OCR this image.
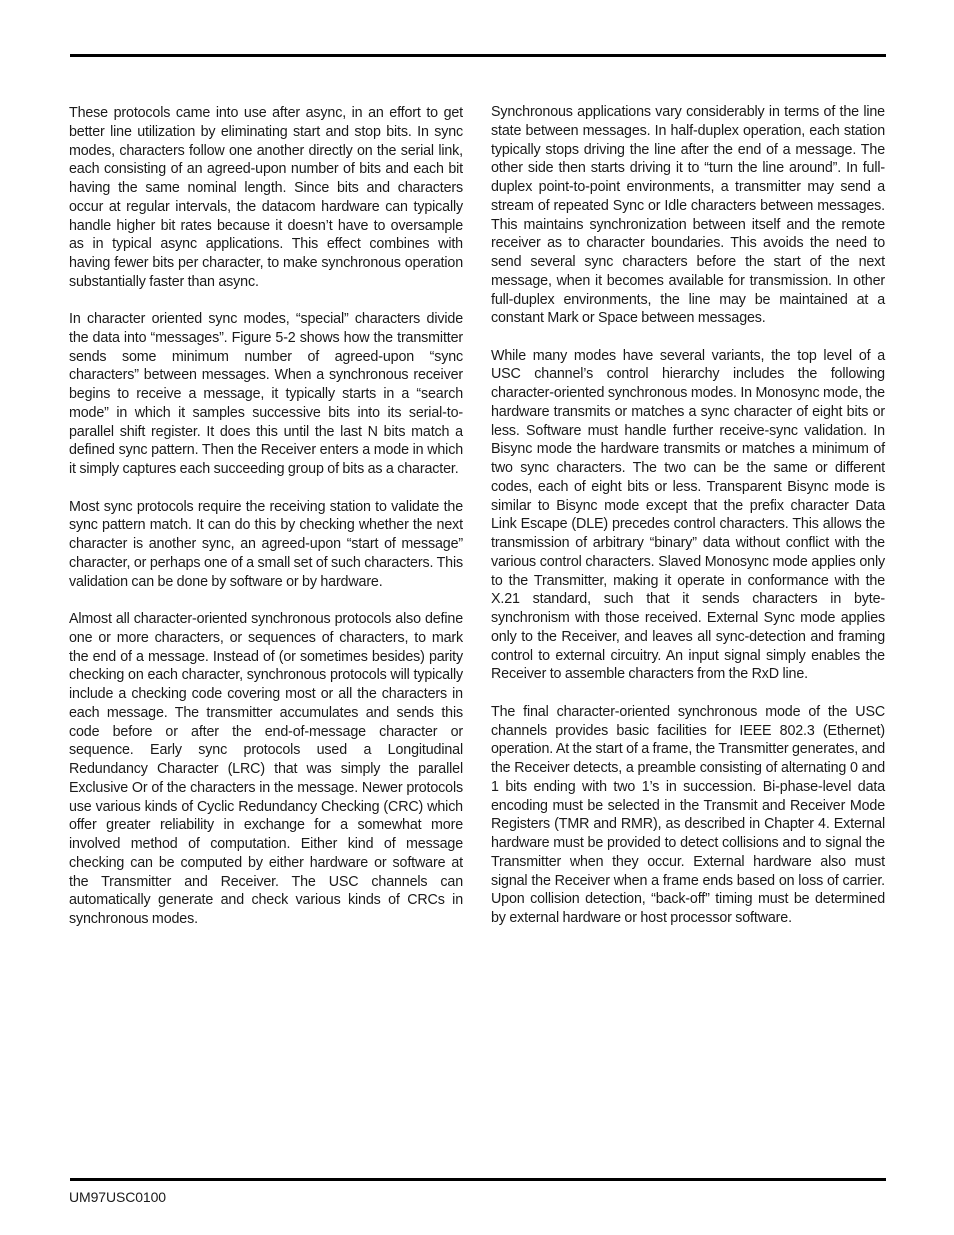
These protocols came into use after async, in an effort to get better line utilization by eliminating start and stop bits. In sync modes, characters follow one another directly on the serial link, each consisting of an agreed-upon number of bits and each bit having the same nominal length. Since bits and characters occur at regular intervals, the datacom hardware can typically handle higher bit rates because it doesn’t have to oversample as in typical async applications. This effect combines with having fewer bits per character, to make synchronous operation substantially faster than async.

In character oriented sync modes, “special” characters divide the data into “messages”. Figure 5-2 shows how the transmitter sends some minimum number of agreed-upon “sync characters” between messages. When a synchronous receiver begins to receive a message, it typically starts in a “search mode” in which it samples successive bits into its serial-to-parallel shift register. It does this until the last N bits match a defined sync pattern. Then the Receiver enters a mode in which it simply captures each succeeding group of bits as a character.

Most sync protocols require the receiving station to validate the sync pattern match. It can do this by checking whether the next character is another sync, an agreed-upon “start of message” character, or perhaps one of a small set of such characters. This validation can be done by software or by hardware.

Almost all character-oriented synchronous protocols also define one or more characters, or sequences of characters, to mark the end of a message. Instead of (or sometimes besides) parity checking on each character, synchronous protocols will typically include a checking code covering most or all the characters in each message. The transmitter accumulates and sends this code before or after the end-of-message character or sequence. Early sync protocols used a Longitudinal Redundancy Character (LRC) that was simply the parallel Exclusive Or of the characters in the message. Newer protocols use various kinds of Cyclic Redundancy Checking (CRC) which offer greater reliability in exchange for a somewhat more involved method of computation. Either kind of message checking can be computed by either hardware or software at the Transmitter and Receiver. The USC channels can automatically generate and check various kinds of CRCs in synchronous modes.

Synchronous applications vary considerably in terms of the line state between messages. In half-duplex operation, each station typically stops driving the line after the end of a message. The other side then starts driving it to “turn the line around”. In full-duplex point-to-point environments, a transmitter may send a stream of repeated Sync or Idle characters between messages. This maintains synchronization between itself and the remote receiver as to character boundaries. This avoids the need to send several sync characters before the start of the next message, when it becomes available for transmission. In other full-duplex environments, the line may be maintained at a constant Mark or Space between messages.

While many modes have several variants, the top level of a USC channel’s control hierarchy includes the following character-oriented synchronous modes. In Monosync mode, the hardware transmits or matches a sync character of eight bits or less. Software must handle further receive-sync validation. In Bisync mode the hardware transmits or matches a minimum of two sync characters. The two can be the same or different codes, each of eight bits or less. Transparent Bisync mode is similar to Bisync mode except that the prefix character Data Link Escape (DLE) precedes control characters. This allows the transmission of arbitrary “binary” data without conflict with the various control characters. Slaved Monosync mode applies only to the Transmitter, making it operate in conformance with the X.21 standard, such that it sends characters in byte-synchronism with those received. External Sync mode applies only to the Receiver, and leaves all sync-detection and framing control to external circuitry. An input signal simply enables the Receiver to assemble characters from the RxD line.

The final character-oriented synchronous mode of the USC channels provides basic facilities for IEEE 802.3 (Ethernet) operation. At the start of a frame, the Transmitter generates, and the Receiver detects, a preamble consisting of alternating 0 and 1 bits ending with two 1’s in succession. Bi-phase-level data encoding must be selected in the Transmit and Receiver Mode Registers (TMR and RMR), as described in Chapter 4. External hardware must be provided to detect collisions and to signal the Transmitter when they occur. External hardware also must signal the Receiver when a frame ends based on loss of carrier. Upon collision detection, “back-off” timing must be determined by external hardware or host processor software.

UM97USC0100
